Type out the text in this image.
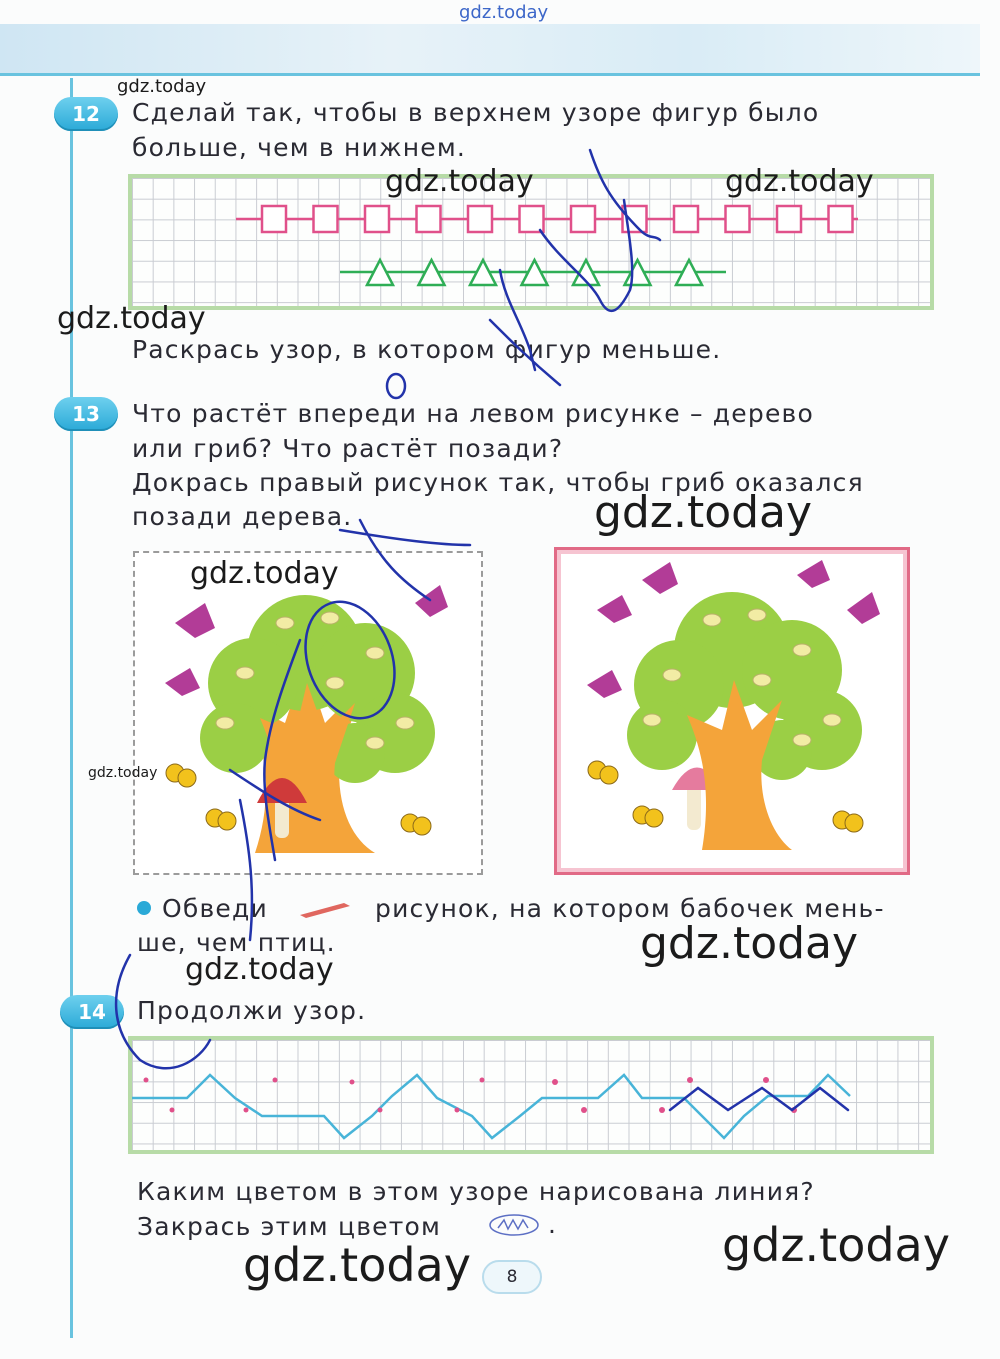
gdz.today
12
gdz.today
Сделай так, чтобы в верхнем узоре фигур было
больше, чем в нижнем.
gdz.today	gdz.today
gdz.today
Раскрась узор, в котором фигур меньше.
13	Что растёт впереди на левом рисунке – дерево
или гриб? Что растёт позади?
Докрась правый рисунок так, чтобы гриб оказался
позади дерева.	gdz.today
gdz.today
gdz.today
Обведи	рисунок, на котором бабочек мень-
ше, чем птиц.	gdz.today
gdz.today
14	Продолжи узор.
Каким цветом в этом узоре нарисована линия?
Закрась этим цветом	.
gdz.today	gdz.today
8
